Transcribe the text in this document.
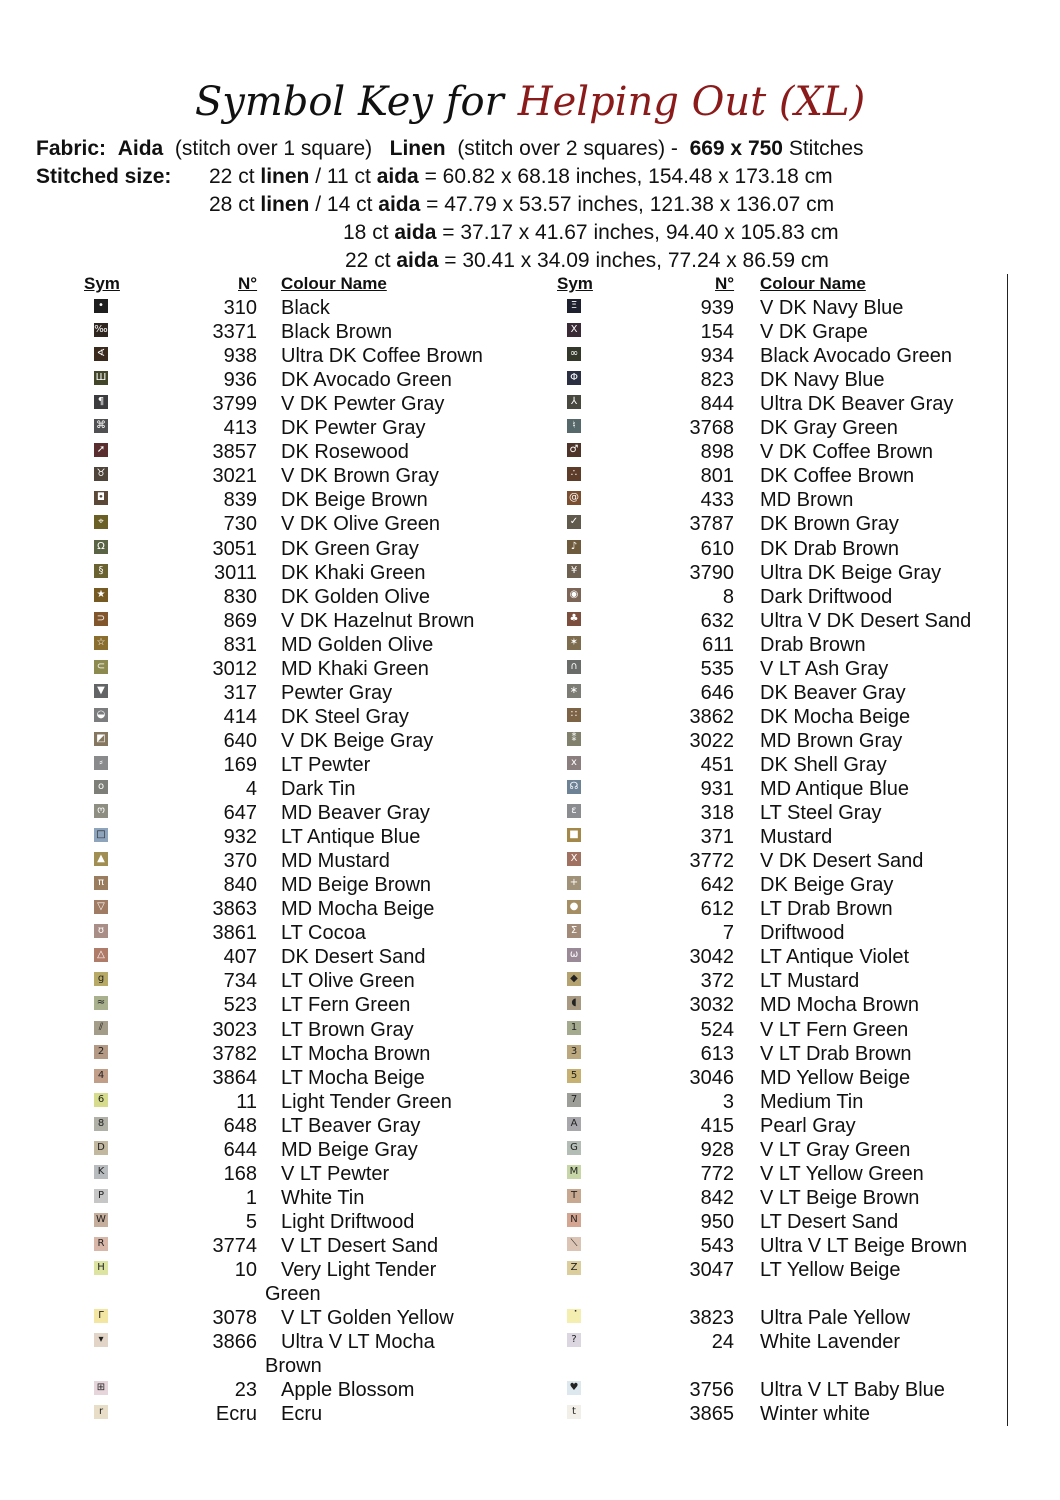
Symbol Key for Helping Out (XL)
Fabric: Aida (stitch over 1 square) Linen (stitch over 2 squares) - 669 x 750 Stitches
Stitched size: 22 ct linen / 11 ct aida = 60.82 x 68.18 inches, 154.48 x 173.18 cm
28 ct linen / 14 ct aida = 47.79 x 53.57 inches, 121.38 x 136.07 cm
18 ct aida = 37.17 x 41.67 inches, 94.40 x 105.83 cm
22 ct aida = 30.41 x 34.09 inches, 77.24 x 86.59 cm
Sym	N° Colour Name	Sym	N° Colour Name
•	310 Black
‰	3371 Black Brown
∢	938 Ultra DK Coffee Brown
Ш	936 DK Avocado Green
¶	3799 V DK Pewter Gray
⌘	413 DK Pewter Gray
➚	3857 DK Rosewood
♉	3021 V DK Brown Gray
◘	839 DK Beige Brown
⌖	730 V DK Olive Green
Ω	3051 DK Green Gray
§	3011 DK Khaki Green
★	830 DK Golden Olive
⊃	869 V DK Hazelnut Brown
☆	831 MD Golden Olive
⊂	3012 MD Khaki Green
▼	317 Pewter Gray
◒	414 DK Steel Gray
◩	640 V DK Beige Gray
⸗	169 LT Pewter
o	4 Dark Tin
ო	647 MD Beaver Gray
□	932 LT Antique Blue
▲	370 MD Mustard
π	840 MD Beige Brown
▽	3863 MD Mocha Beige
ʊ	3861 LT Cocoa
△	407 DK Desert Sand
g	734 LT Olive Green
≈	523 LT Fern Green
⫽	3023 LT Brown Gray
2	3782 LT Mocha Brown
4	3864 LT Mocha Beige
6	11 Light Tender Green
8	648 LT Beaver Gray
D	644 MD Beige Gray
K	168 V LT Pewter
P	1 White Tin
W	5 Light Driftwood
R	3774 V LT Desert Sand
H	10 Very Light Tender
Green
Γ	3078 V LT Golden Yellow
▾	3866 Ultra V LT Mocha
Brown
⊞	23 Apple Blossom
r	Ecru Ecru
Ξ	939 V DK Navy Blue
X	154 V DK Grape
∞	934 Black Avocado Green
Φ	823 DK Navy Blue
⅄	844 Ultra DK Beaver Gray
♮	3768 DK Gray Green
♂	898 V DK Coffee Brown
∴	801 DK Coffee Brown
@	433 MD Brown
✓	3787 DK Brown Gray
♪	610 DK Drab Brown
¥	3790 Ultra DK Beige Gray
◉	8 Dark Driftwood
♣	632 Ultra V DK Desert Sand
✶	611 Drab Brown
∩	535 V LT Ash Gray
∗	646 DK Beaver Gray
∷	3862 DK Mocha Beige
⁑	3022 MD Brown Gray
x	451 DK Shell Gray
☊	931 MD Antique Blue
ε	318 LT Steel Gray
■	371 Mustard
Ⅹ	3772 V DK Desert Sand
+	642 DK Beige Gray
●	612 LT Drab Brown
Σ	7 Driftwood
ω	3042 LT Antique Violet
◆	372 LT Mustard
◖	3032 MD Mocha Brown
1	524 V LT Fern Green
3	613 V LT Drab Brown
5	3046 MD Yellow Beige
7	3 Medium Tin
A	415 Pearl Gray
G	928 V LT Gray Green
M	772 V LT Yellow Green
T	842 V LT Beige Brown
N	950 LT Desert Sand
⟍	543 Ultra V LT Beige Brown
Z	3047 LT Yellow Beige
⠈	3823 Ultra Pale Yellow
?	24 White Lavender
♥	3756 Ultra V LT Baby Blue
t	3865 Winter white
